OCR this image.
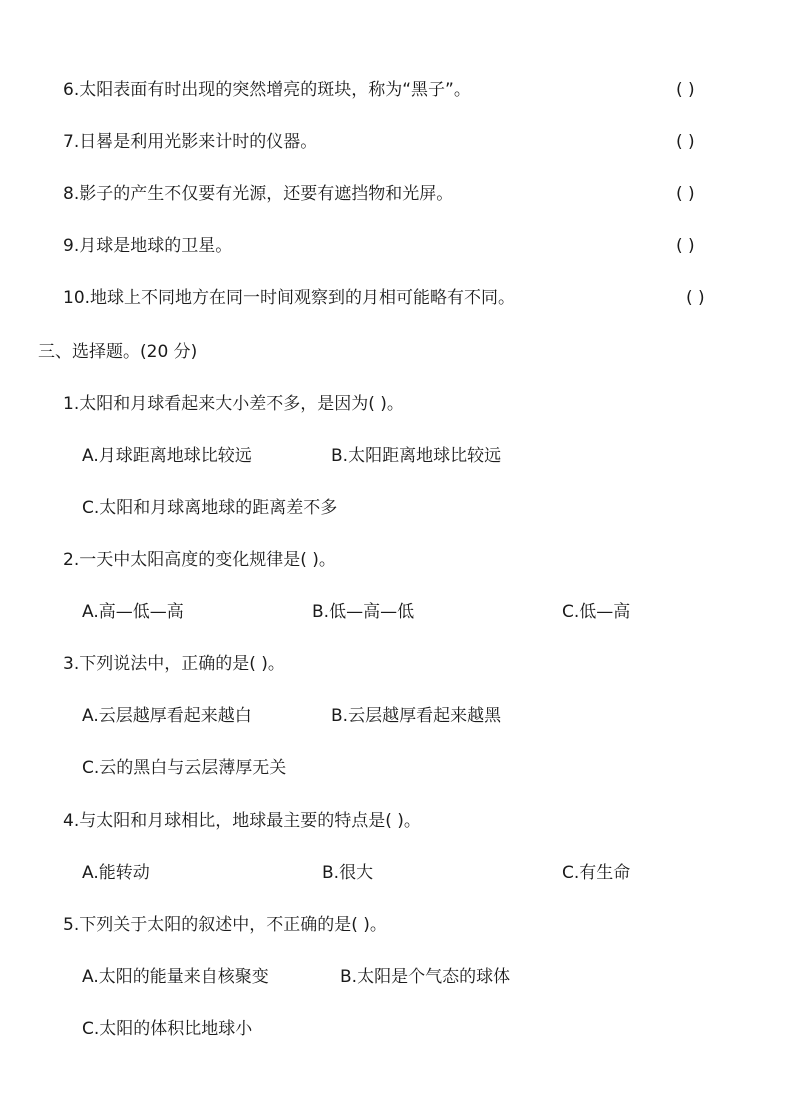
6.太阳表面有时出现的突然增亮的斑块，称为“黑子”。	( )
7.日晷是利用光影来计时的仪器。	( )
8.影子的产生不仅要有光源，还要有遮挡物和光屏。	( )
9.月球是地球的卫星。	( )
10.地球上不同地方在同一时间观察到的月相可能略有不同。	( )
三、选择题。(20 分)
1.太阳和月球看起来大小差不多，是因为( )。
A.月球距离地球比较远	B.太阳距离地球比较远
C.太阳和月球离地球的距离差不多
2.一天中太阳高度的变化规律是( )。
A.高—低—高	B.低—高—低	C.低—高
3.下列说法中，正确的是( )。
A.云层越厚看起来越白	B.云层越厚看起来越黑
C.云的黑白与云层薄厚无关
4.与太阳和月球相比，地球最主要的特点是( )。
A.能转动	B.很大	C.有生命
5.下列关于太阳的叙述中，不正确的是( )。
A.太阳的能量来自核聚变	B.太阳是个气态的球体
C.太阳的体积比地球小
